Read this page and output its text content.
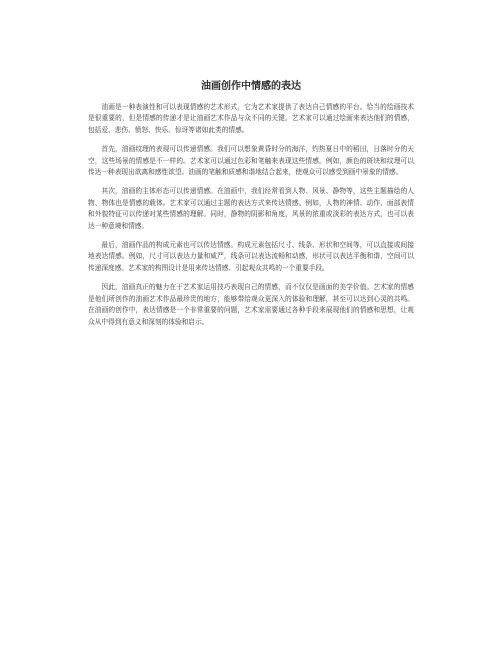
油画创作中情感的表达

油画是一种表演性和可以表现情感的艺术形式，它为艺术家提供了表达自己情感的平台。恰当的绘画技术是很重要的，但是情感的传递才是让油画艺术作品与众不同的关键。艺术家可以通过绘画来表达他们的情感，包括爱、悲伤、愤怒、快乐、惊讶等诸如此类的情感。

首先，油画纹理的表现可以传递情感。我们可以想象黄昏时分的海洋，灼热夏日中的稻田，日落时分的天空，这些场景的情感是不一样的。艺术家可以通过色彩和笔触来表现这些情感。例如，颜色的斑块和纹理可以传达一种表现出欲离和感性欲望。油画的笔触和质感和谐地结合起来，使观众可以感受到画中景象的情感。

其次，油画的主体形态可以传递情感。在油画中，我们经常看到人物、风景、静物等，这些主题描绘的人物、物体也是情感的载体。艺术家可以通过主题的表达方式来传达情感。例如，人物的神情、动作、面部表情和外貌特征可以传递对某些情感的理解。同时，静物的阴影和角度，风景的浓重或淡彩的表达方式，也可以表达一种意境和情感。

最后，油画作品的构成元素也可以传达情感。构成元素包括尺寸、线条、形状和空间等，可以直接或间接地表达情感。例如，尺寸可以表达力量和威严，线条可以表达流畅和动感，形状可以表达平衡和谐，空间可以传递深度感。艺术家的构图设计是用来传达情感、引起观众共鸣的一个重要手段。

因此，油画真正的魅力在于艺术家运用技巧表现自己的情感，而不仅仅是画面的美学价值。艺术家的情感是他们所创作的油画艺术作品最珍贵的地方，能够带给观众更深入的体验和理解，甚至可以达到心灵的共鸣。在油画的创作中，表达情感是一个非常重要的问题，艺术家需要通过各种手段来展现他们的情感和思想，让观众从中得到有意义和深刻的体验和启示。
